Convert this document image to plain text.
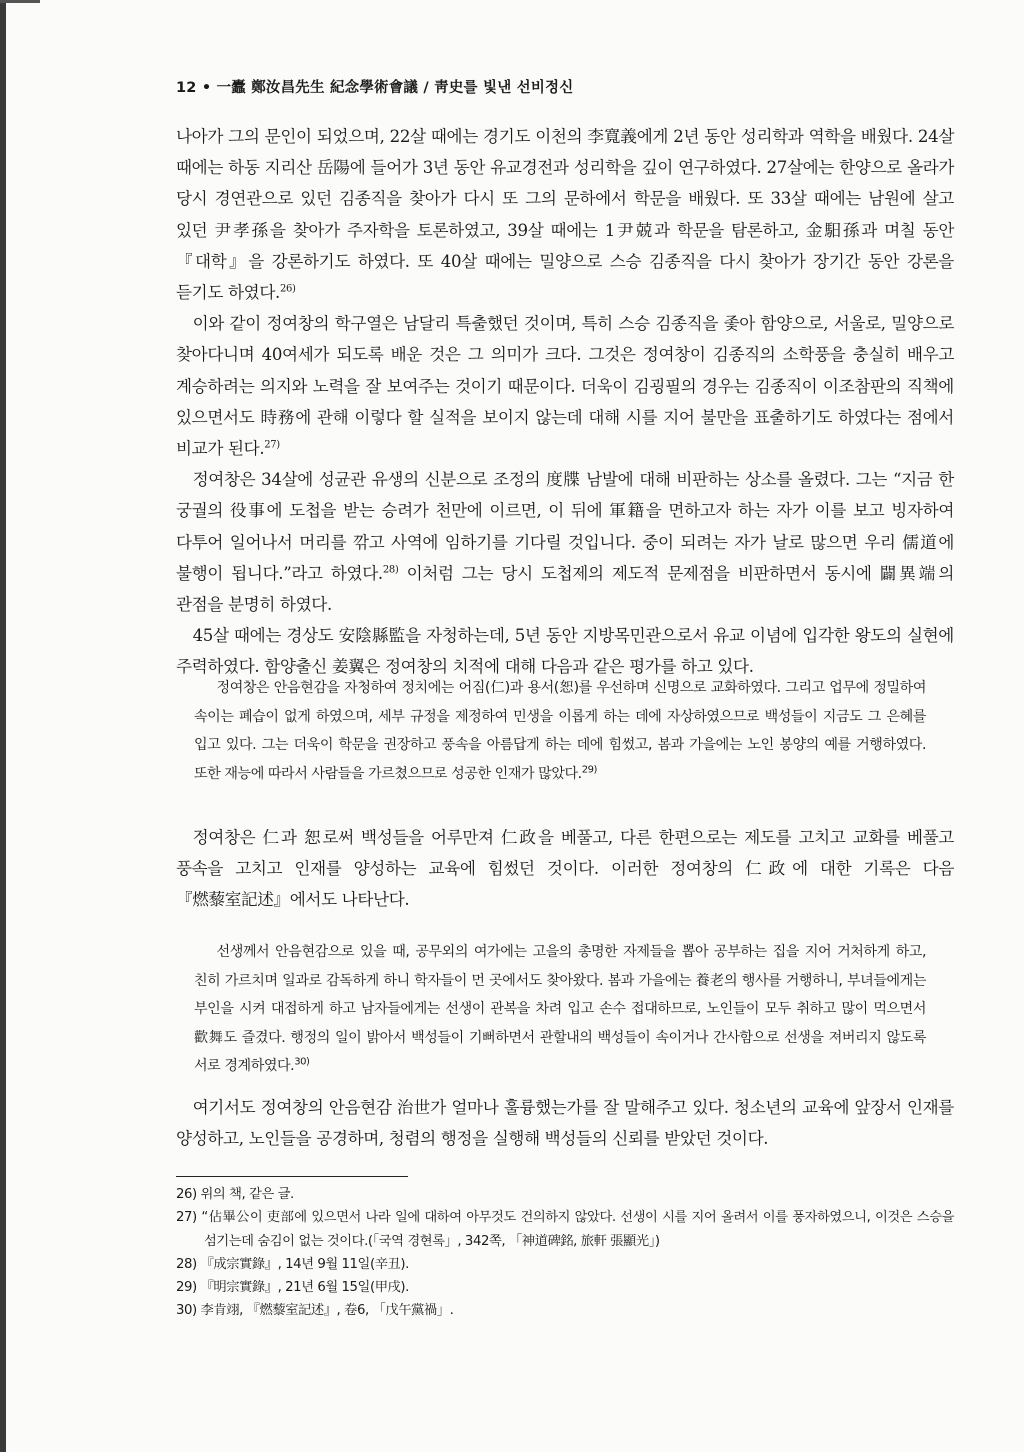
12 • 一蠹 鄭汝昌先生 紀念學術會議 / 靑史를 빛낸 선비정신

나아가 그의 문인이 되었으며, 22살 때에는 경기도 이천의 李寬義에게 2년 동안 성리학과 역학을 배웠다. 24살 때에는 하동 지리산 岳陽에 들어가 3년 동안 유교경전과 성리학을 깊이 연구하였다. 27살에는 한양으로 올라가 당시 경연관으로 있던 김종직을 찾아가 다시 또 그의 문하에서 학문을 배웠다. 또 33살 때에는 남원에 살고 있던 尹孝孫을 찾아가 주자학을 토론하였고, 39살 때에는 1尹兢과 학문을 탐론하고, 金馹孫과 며칠 동안 『대학』을 강론하기도 하였다. 또 40살 때에는 밀양으로 스승 김종직을 다시 찾아가 장기간 동안 강론을 듣기도 하였다.$^{26)}$

이와 같이 정여창의 학구열은 남달리 특출했던 것이며, 특히 스승 김종직을 좇아 함양으로, 서울로, 밀양으로 찾아다니며 40여세가 되도록 배운 것은 그 의미가 크다. 그것은 정여창이 김종직의 소학풍을 충실히 배우고 계승하려는 의지와 노력을 잘 보여주는 것이기 때문이다. 더욱이 김굉필의 경우는 김종직이 이조참판의 직책에 있으면서도 時務에 관해 이렇다 할 실적을 보이지 않는데 대해 시를 지어 불만을 표출하기도 하였다는 점에서 비교가 된다.$^{27)}$

정여창은 34살에 성균관 유생의 신분으로 조정의 度牒 남발에 대해 비판하는 상소를 올렸다. 그는 “지금 한 궁궐의 役事에 도첩을 받는 승려가 천만에 이르면, 이 뒤에 軍籍을 면하고자 하는 자가 이를 보고 빙자하여 다투어 일어나서 머리를 깎고 사역에 임하기를 기다릴 것입니다. 중이 되려는 자가 날로 많으면 우리 儒道에 불행이 됩니다.”라고 하였다.$^{28)}$ 이처럼 그는 당시 도첩제의 제도적 문제점을 비판하면서 동시에 闢異端의 관점을 분명히 하였다.

45살 때에는 경상도 安陰縣監을 자청하는데, 5년 동안 지방목민관으로서 유교 이념에 입각한 왕도의 실현에 주력하였다. 함양출신 姜翼은 정여창의 치적에 대해 다음과 같은 평가를 하고 있다.

정여창은 안음현감을 자청하여 정치에는 어짐(仁)과 용서(恕)를 우선하며 신명으로 교화하였다. 그리고 업무에 정밀하여 속이는 폐습이 없게 하였으며, 세부 규정을 제정하여 민생을 이롭게 하는 데에 자상하였으므로 백성들이 지금도 그 은혜를 입고 있다. 그는 더욱이 학문을 권장하고 풍속을 아름답게 하는 데에 힘썼고, 봄과 가을에는 노인 봉양의 예를 거행하였다. 또한 재능에 따라서 사람들을 가르쳤으므로 성공한 인재가 많았다.$^{29)}$

정여창은 仁과 恕로써 백성들을 어루만져 仁政을 베풀고, 다른 한편으로는 제도를 고치고 교화를 베풀고 풍속을 고치고 인재를 양성하는 교육에 힘썼던 것이다. 이러한 정여창의 仁政에 대한 기록은 다음 『燃藜室記述』에서도 나타난다.

선생께서 안음현감으로 있을 때, 공무외의 여가에는 고을의 총명한 자제들을 뽑아 공부하는 집을 지어 거처하게 하고, 친히 가르치며 일과로 감독하게 하니 학자들이 먼 곳에서도 찾아왔다. 봄과 가을에는 養老의 행사를 거행하니, 부녀들에게는 부인을 시켜 대접하게 하고 남자들에게는 선생이 관복을 차려 입고 손수 접대하므로, 노인들이 모두 취하고 많이 먹으면서 歡舞도 즐겼다. 행정의 일이 밝아서 백성들이 기뻐하면서 관할내의 백성들이 속이거나 간사함으로 선생을 져버리지 않도록 서로 경계하였다.$^{30)}$

여기서도 정여창의 안음현감 治世가 얼마나 훌륭했는가를 잘 말해주고 있다. 청소년의 교육에 앞장서 인재를 양성하고, 노인들을 공경하며, 청렴의 행정을 실행해 백성들의 신뢰를 받았던 것이다.

26) 위의 책, 같은 글.

27) “佔畢公이 吏部에 있으면서 나라 일에 대하여 아무것도 건의하지 않았다. 선생이 시를 지어 올려서 이를 풍자하였으니, 이것은 스승을 섬기는데 숨김이 없는 것이다.(「국역 경현록」, 342쪽, 「神道碑銘, 旅軒 張顯光」)

28) 『成宗實錄』, 14년 9월 11일(辛丑).

29) 『明宗實錄』, 21년 6월 15일(甲戌).

30) 李肯翊, 『燃藜室記述』, 卷6, 「戊午黨禍」.
